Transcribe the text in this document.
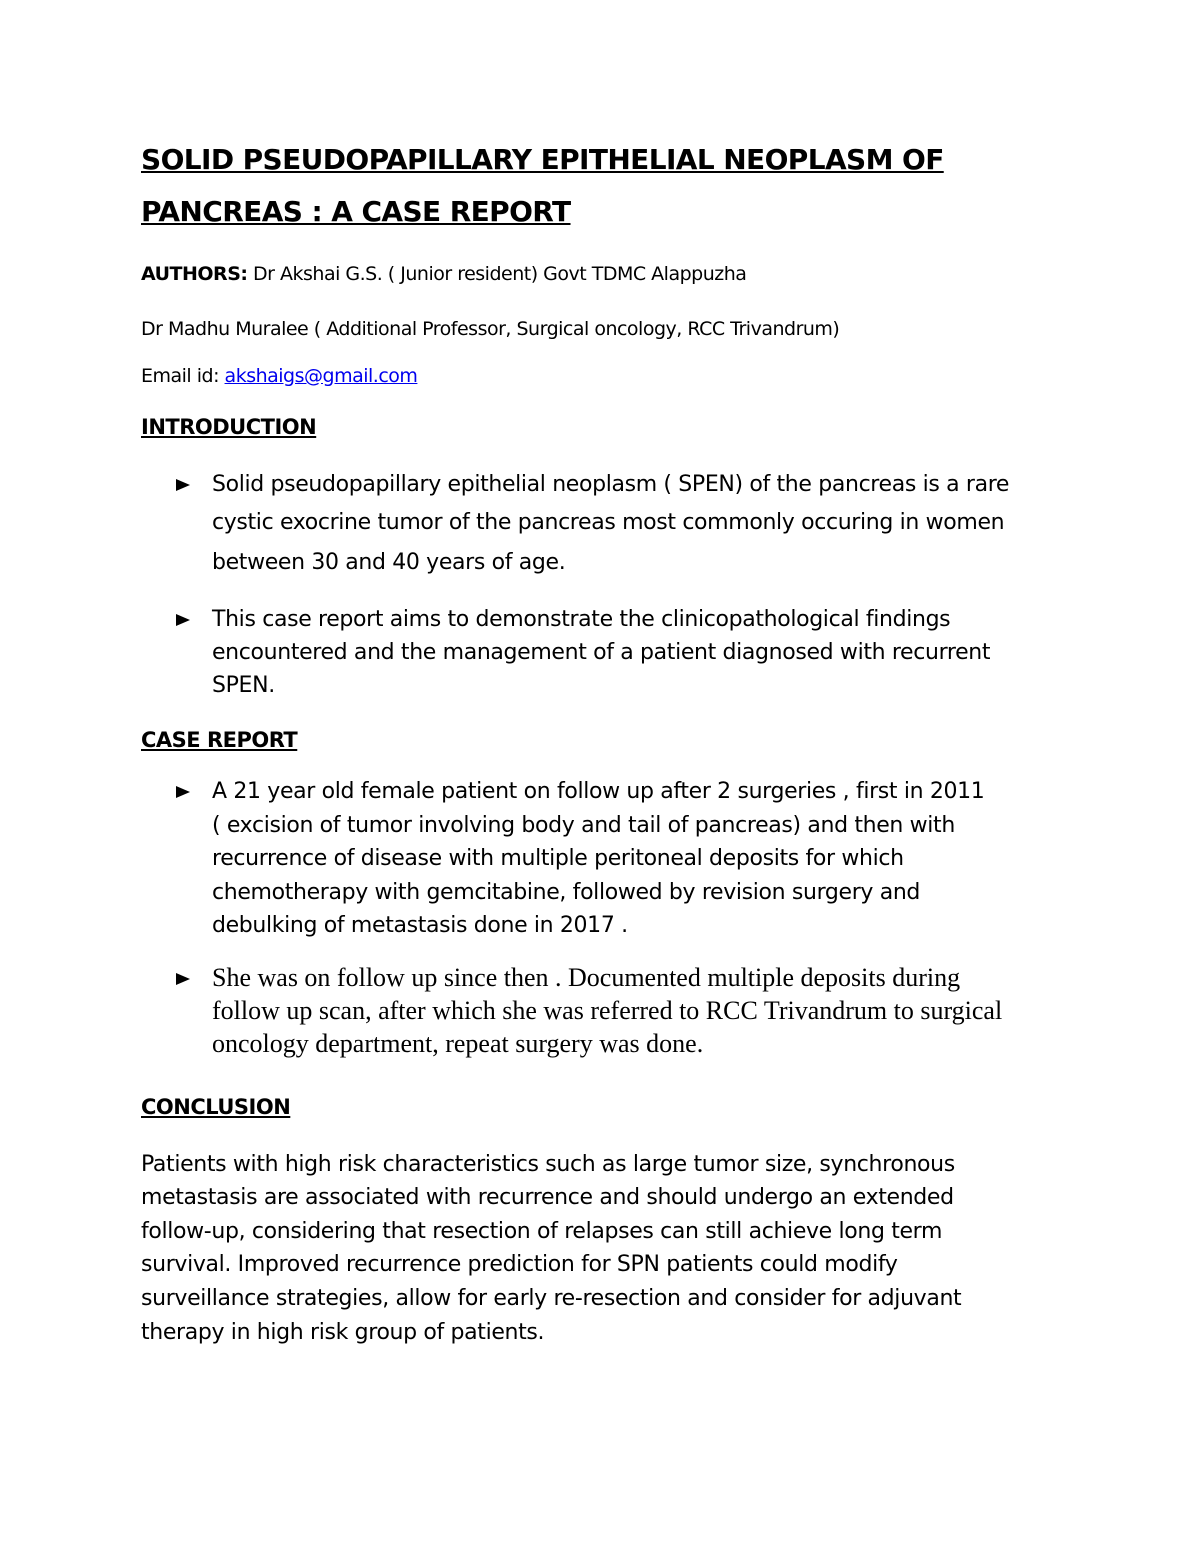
SOLID PSEUDOPAPILLARY EPITHELIAL NEOPLASM OF
PANCREAS : A CASE REPORT

AUTHORS: Dr Akshai G.S. ( Junior resident) Govt TDMC Alappuzha

Dr Madhu Muralee ( Additional Professor, Surgical oncology, RCC Trivandrum)

Email id: akshaigs@gmail.com

INTRODUCTION

Solid pseudopapillary epithelial neoplasm ( SPEN) of the pancreas is a rare

cystic exocrine tumor of the pancreas most commonly occuring in women

between 30 and 40 years of age.

This case report aims to demonstrate the clinicopathological findings

encountered and the management of a patient diagnosed with recurrent

SPEN.

CASE REPORT

A 21 year old female patient on follow up after 2 surgeries , first in 2011

( excision of tumor involving body and tail of pancreas) and then with

recurrence of disease with multiple peritoneal deposits for which

chemotherapy with gemcitabine, followed by revision surgery and

debulking of metastasis done in 2017 .

She was on follow up since then . Documented multiple deposits during

follow up scan, after which she was referred to RCC Trivandrum to surgical

oncology department, repeat surgery was done.

CONCLUSION

Patients with high risk characteristics such as large tumor size, synchronous

metastasis are associated with recurrence and should undergo an extended

follow-up, considering that resection of relapses can still achieve long term

survival. Improved recurrence prediction for SPN patients could modify

surveillance strategies, allow for early re-resection and consider for adjuvant

therapy in high risk group of patients.
